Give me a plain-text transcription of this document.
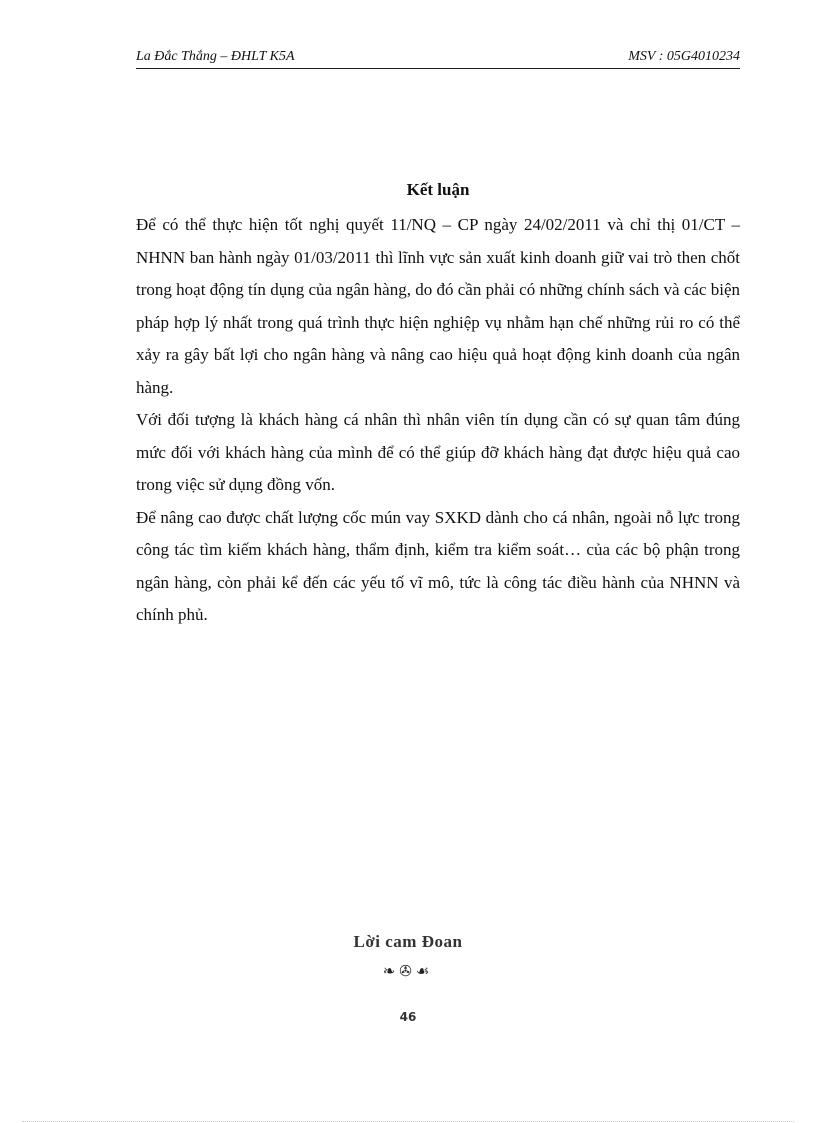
La Đắc Thắng – ĐHLT K5A	MSV : 05G4010234
Kết luận

Để có thể thực hiện tốt nghị quyết 11/NQ – CP ngày 24/02/2011 và chỉ thị 01/CT – NHNN ban hành ngày 01/03/2011 thì lĩnh vực sản xuất kinh doanh giữ vai trò then chốt trong hoạt động tín dụng của ngân hàng, do đó cần phải có những chính sách và các biện pháp hợp lý nhất trong quá trình thực hiện nghiệp vụ nhằm hạn chế những rủi ro có thể xảy ra gây bất lợi cho ngân hàng và nâng cao hiệu quả hoạt động kinh doanh của ngân hàng.

Với đối tượng là khách hàng cá nhân thì nhân viên tín dụng cần có sự quan tâm đúng mức đối với khách hàng của mình để có thể giúp đỡ khách hàng đạt được hiệu quả cao trong việc sử dụng đồng vốn.

Để nâng cao được chất lượng cốc mún vay SXKD dành cho cá nhân, ngoài nỗ lực trong công tác tìm kiếm khách hàng, thẩm định, kiểm tra kiểm soát… của các bộ phận trong ngân hàng, còn phải kể đến các yếu tố vĩ mô, tức là công tác điều hành của NHNN và chính phủ.

Lời cam Đoan
❧✇☙
46
